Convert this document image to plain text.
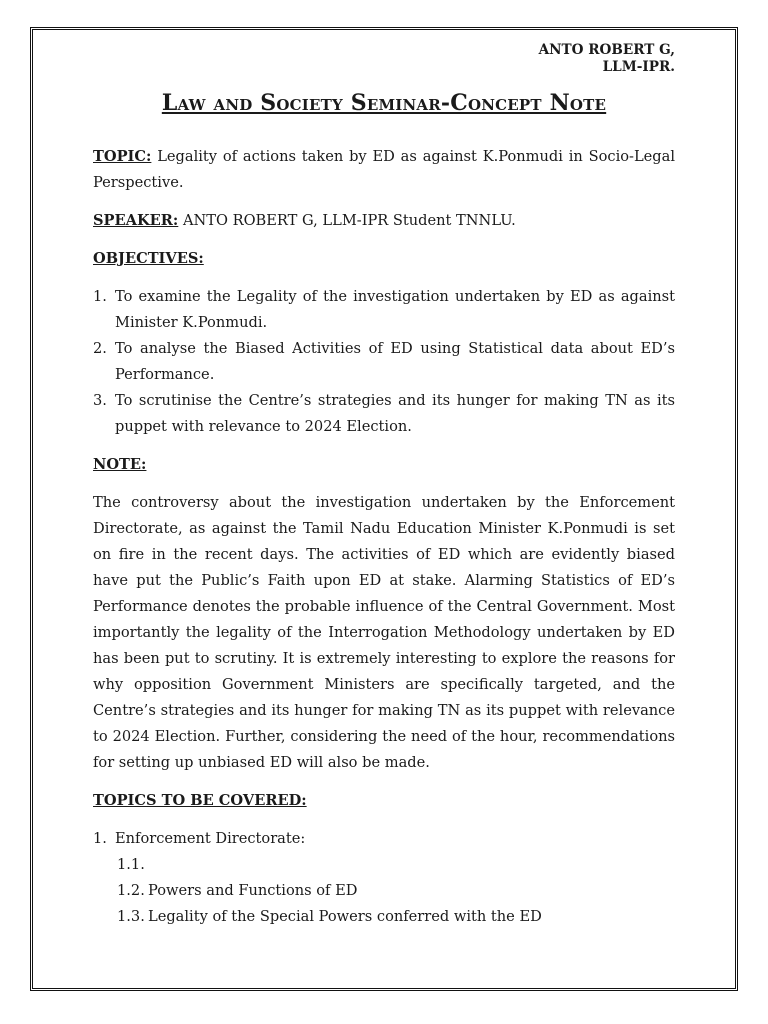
ANTO ROBERT G,
LLM-IPR.
Law and Society Seminar-Concept Note

TOPIC: Legality of actions taken by ED as against K.Ponmudi in Socio-Legal Perspective.

SPEAKER: ANTO ROBERT G, LLM-IPR Student TNNLU.

OBJECTIVES:

1. To examine the Legality of the investigation undertaken by ED as against Minister K.Ponmudi.
2. To analyse the Biased Activities of ED using Statistical data about ED’s Performance.
3. To scrutinise the Centre’s strategies and its hunger for making TN as its puppet with relevance to 2024 Election.

NOTE:

The controversy about the investigation undertaken by the Enforcement Directorate, as against the Tamil Nadu Education Minister K.Ponmudi is set on fire in the recent days. The activities of ED which are evidently biased have put the Public’s Faith upon ED at stake. Alarming Statistics of ED’s Performance denotes the probable influence of the Central Government. Most importantly the legality of the Interrogation Methodology undertaken by ED has been put to scrutiny. It is extremely interesting to explore the reasons for why opposition Government Ministers are specifically targeted, and the Centre’s strategies and its hunger for making TN as its puppet with relevance to 2024 Election. Further, considering the need of the hour, recommendations for setting up unbiased ED will also be made.

TOPICS TO BE COVERED:

1. Enforcement Directorate:
1.1.
1.2. Powers and Functions of ED
1.3. Legality of the Special Powers conferred with the ED
